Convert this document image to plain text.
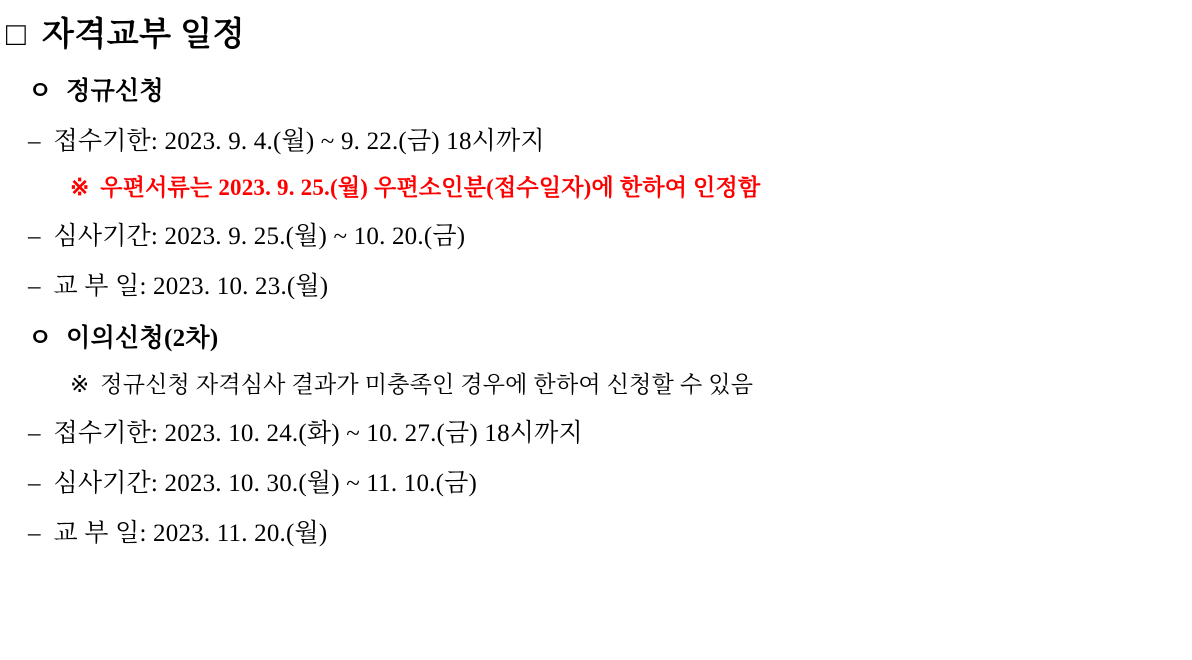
□ 자격교부 일정
ㅇ 정규신청
– 접수기한: 2023. 9. 4.(월) ~ 9. 22.(금) 18시까지
※ 우편서류는 2023. 9. 25.(월) 우편소인분(접수일자)에 한하여 인정함
– 심사기간: 2023. 9. 25.(월) ~ 10. 20.(금)
– 교 부 일: 2023. 10. 23.(월)
ㅇ 이의신청(2차)
※ 정규신청 자격심사 결과가 미충족인 경우에 한하여 신청할 수 있음
– 접수기한: 2023. 10. 24.(화) ~ 10. 27.(금) 18시까지
– 심사기간: 2023. 10. 30.(월) ~ 11. 10.(금)
– 교 부 일: 2023. 11. 20.(월)
